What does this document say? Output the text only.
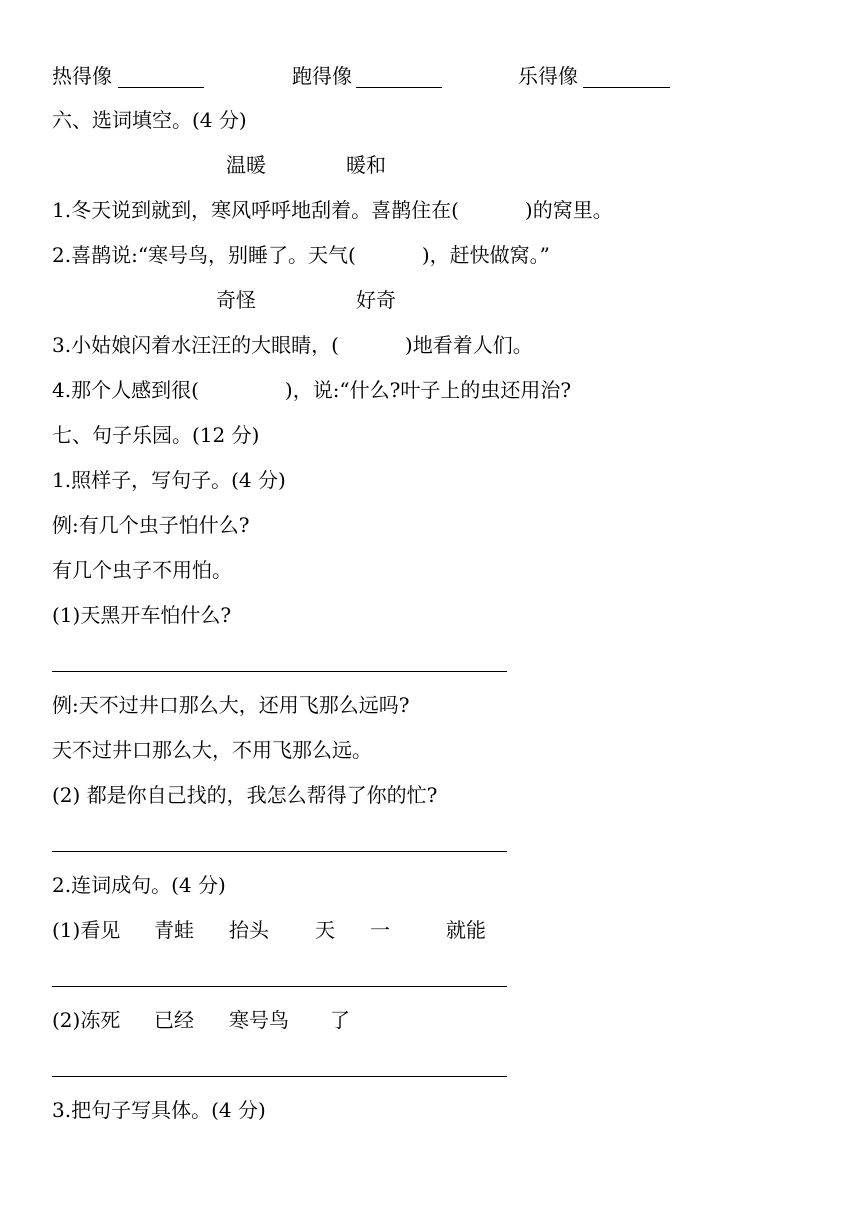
热得像	跑得像	乐得像
六、选词填空。(4 分)
温暖	暖和
1.冬天说到就到，寒风呼呼地刮着。喜鹊住在(	)的窝里。
2.喜鹊说:“寒号鸟，别睡了。天气(	)，赶快做窝。”
奇怪	好奇
3.小姑娘闪着水汪汪的大眼睛，(	)地看着人们。
4.那个人感到很(	)，说:“什么?叶子上的虫还用治?
七、句子乐园。(12 分)
1.照样子，写句子。(4 分)
例:有几个虫子怕什么?
有几个虫子不用怕。
(1)天黑开车怕什么?
例:天不过井口那么大，还用飞那么远吗?
天不过井口那么大，不用飞那么远。
(2) 都是你自己找的，我怎么帮得了你的忙?
2.连词成句。(4 分)
(1)看见 青蛙 抬头 天 一	就能
(2)冻死 已经 寒号鸟 了
3.把句子写具体。(4 分)
